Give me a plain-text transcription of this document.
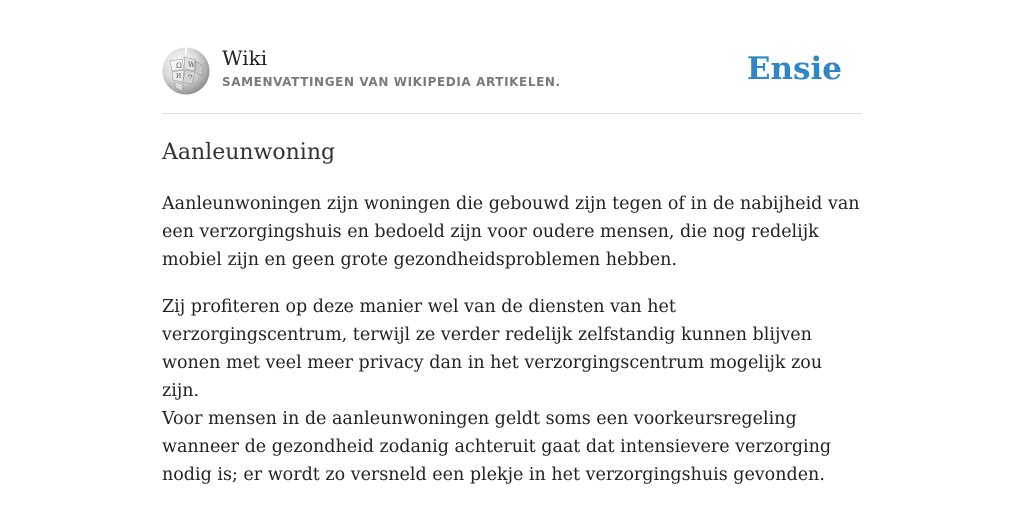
Ω W
И ウ
Wiki
SAMENVATTINGEN VAN WIKIPEDIA ARTIKELEN.	Ensie
Aanleunwoning

Aanleunwoningen zijn woningen die gebouwd zijn tegen of in de nabijheid van een verzorgingshuis en bedoeld zijn voor oudere mensen, die nog redelijk mobiel zijn en geen grote gezondheidsproblemen hebben.

Zij profiteren op deze manier wel van de diensten van het verzorgingscentrum, terwijl ze verder redelijk zelfstandig kunnen blijven wonen met veel meer privacy dan in het verzorgingscentrum mogelijk zou zijn.

Voor mensen in de aanleunwoningen geldt soms een voorkeursregeling wanneer de gezondheid zodanig achteruit gaat dat intensievere verzorging nodig is; er wordt zo versneld een plekje in het verzorgingshuis gevonden.
